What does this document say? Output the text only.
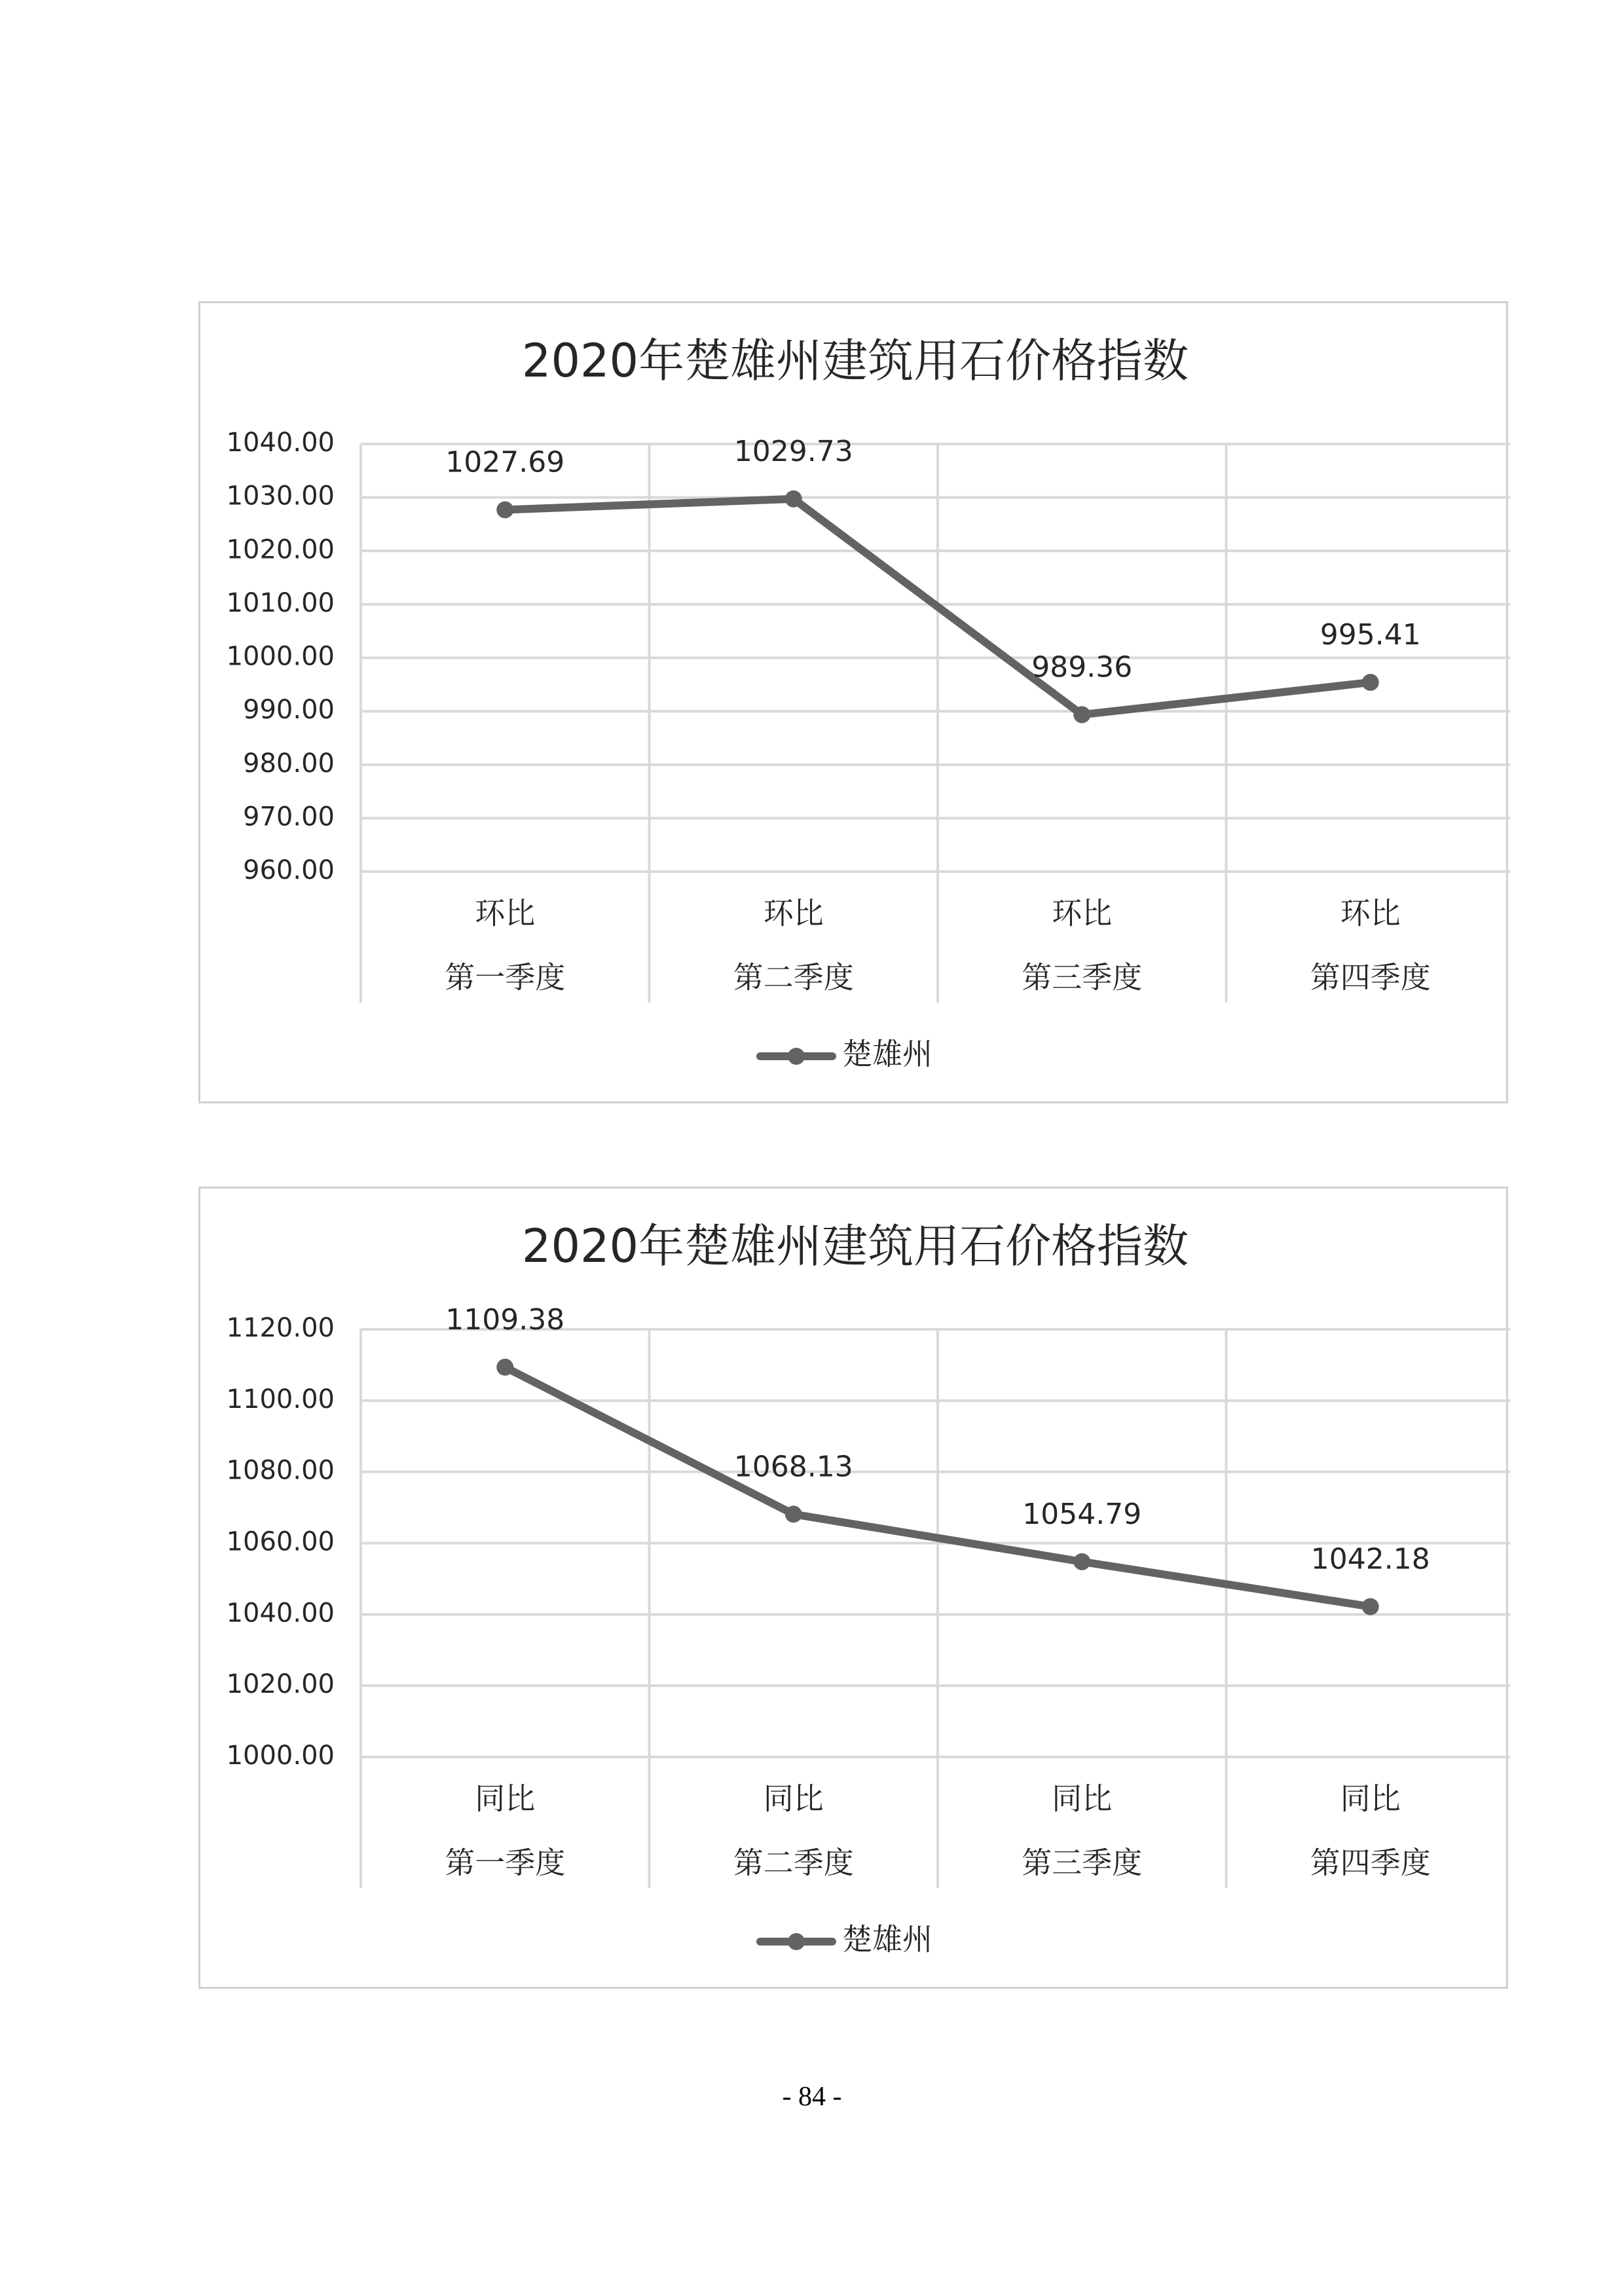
2020年楚雄州建筑用石价格指数
960.00
970.00
980.00
990.00
1000.00
1010.00
1020.00
1030.00
1040.00
环比
第一季度
环比
第二季度
环比
第三季度
环比
第四季度
1027.69	1029.73
989.36
995.41
楚雄州
2020年楚雄州建筑用石价格指数
1000.00
1020.00
1040.00
1060.00
1080.00
1100.00
1120.00
同比
第一季度
同比
第二季度
同比
第三季度
同比
第四季度
1109.38
1068.13
1054.79
1042.18
楚雄州
- 84 -
